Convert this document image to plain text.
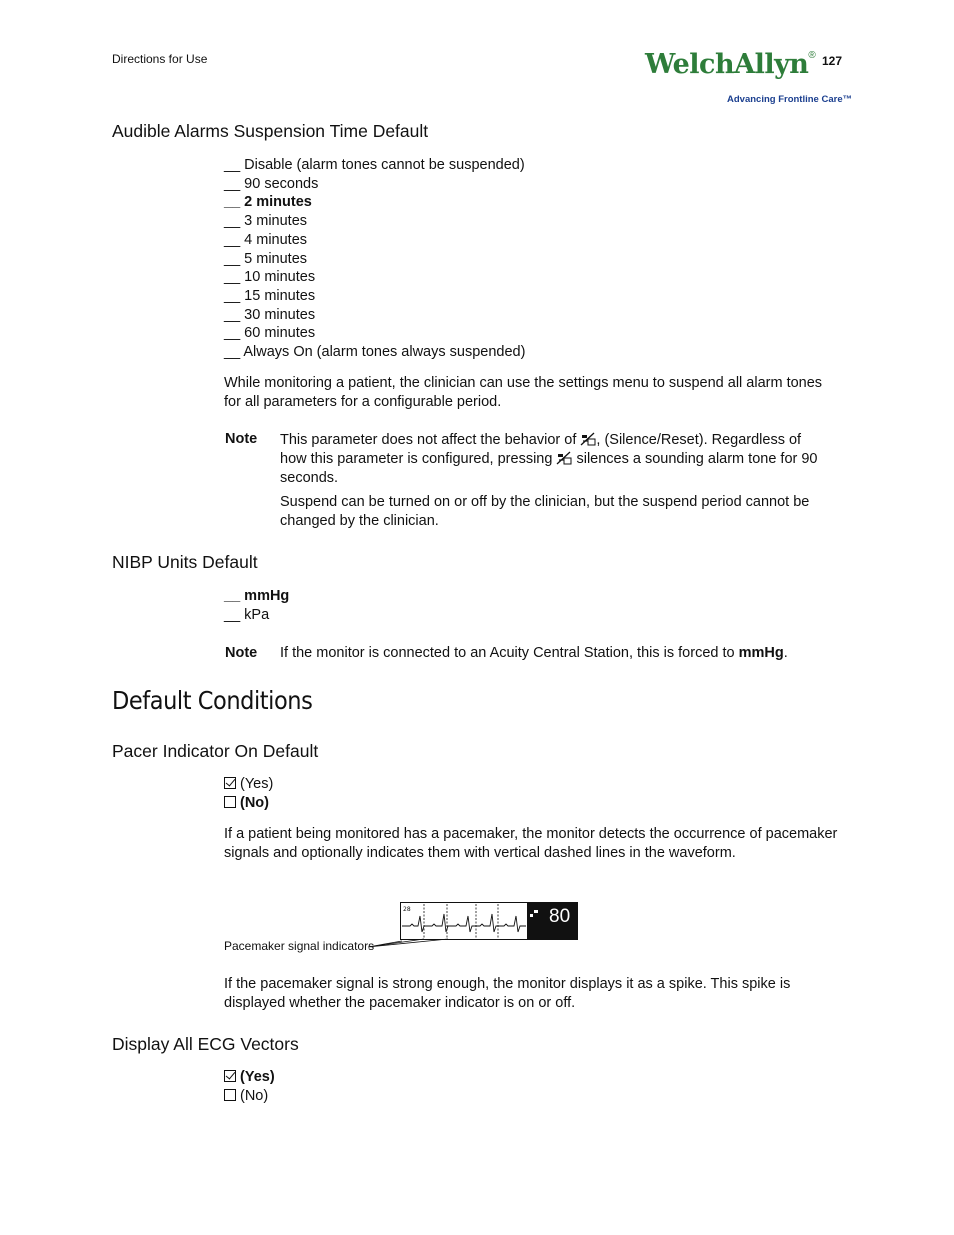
Directions for Use	WelchAllyn® 127
Advancing Frontline Care™
Audible Alarms Suspension Time Default
__ Disable (alarm tones cannot be suspended)
__ 90 seconds
__ 2 minutes
__ 3 minutes
__ 4 minutes
__ 5 minutes
__ 10 minutes
__ 15 minutes
__ 30 minutes
__ 60 minutes
__ Always On (alarm tones always suspended)
While monitoring a patient, the clinician can use the settings menu to suspend all alarm tones for all parameters for a configurable period.
Note This parameter does not affect the behavior of , (Silence/Reset). Regardless of how this parameter is configured, pressing silences a sounding alarm tone for 90 seconds.
Suspend can be turned on or off by the clinician, but the suspend period cannot be changed by the clinician.
NIBP Units Default
__ mmHg
__ kPa
Note If the monitor is connected to an Acuity Central Station, this is forced to mmHg.
Default Conditions
Pacer Indicator On Default
(Yes)
(No)
If a patient being monitored has a pacemaker, the monitor detects the occurrence of pacemaker signals and optionally indicates them with vertical dashed lines in the waveform.
28	80
Pacemaker signal indicators
If the pacemaker signal is strong enough, the monitor displays it as a spike. This spike is displayed whether the pacemaker indicator is on or off.
Display All ECG Vectors
(Yes)
(No)
